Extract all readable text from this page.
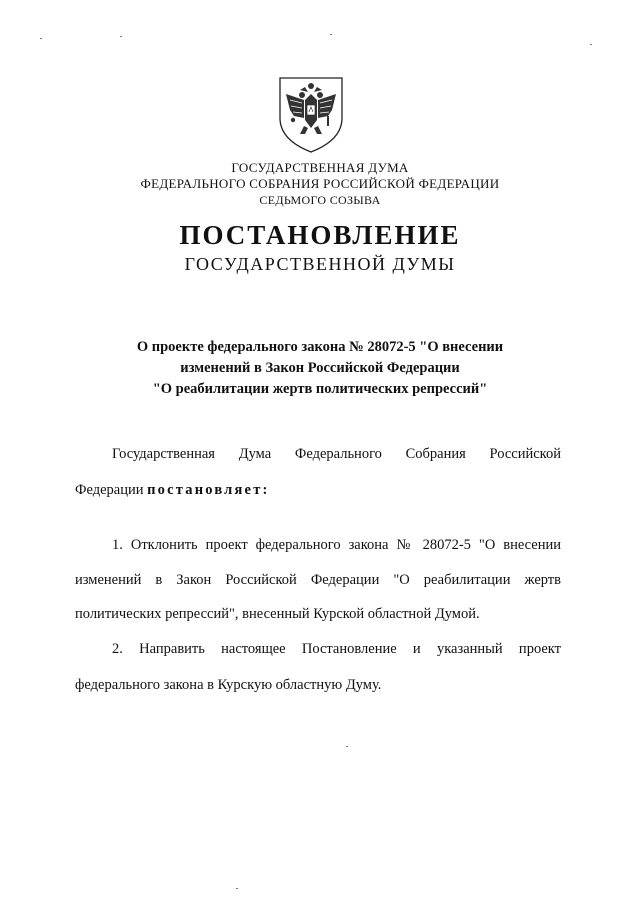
ГОСУДАРСТВЕННАЯ ДУМА
ФЕДЕРАЛЬНОГО СОБРАНИЯ РОССИЙСКОЙ ФЕДЕРАЦИИ
СЕДЬМОГО СОЗЫВА
ПОСТАНОВЛЕНИЕ
ГОСУДАРСТВЕННОЙ ДУМЫ
О проекте федерального закона № 28072-5 "О внесении
изменений в Закон Российской Федерации
"О реабилитации жертв политических репрессий"
Государственная Дума Федерального Собрания Российской
Федерации постановляет:
1. Отклонить проект федерального закона № 28072-5 "О внесении
изменений в Закон Российской Федерации "О реабилитации жертв
политических репрессий", внесенный Курской областной Думой.
2. Направить настоящее Постановление и указанный проект
федерального закона в Курскую областную Думу.
